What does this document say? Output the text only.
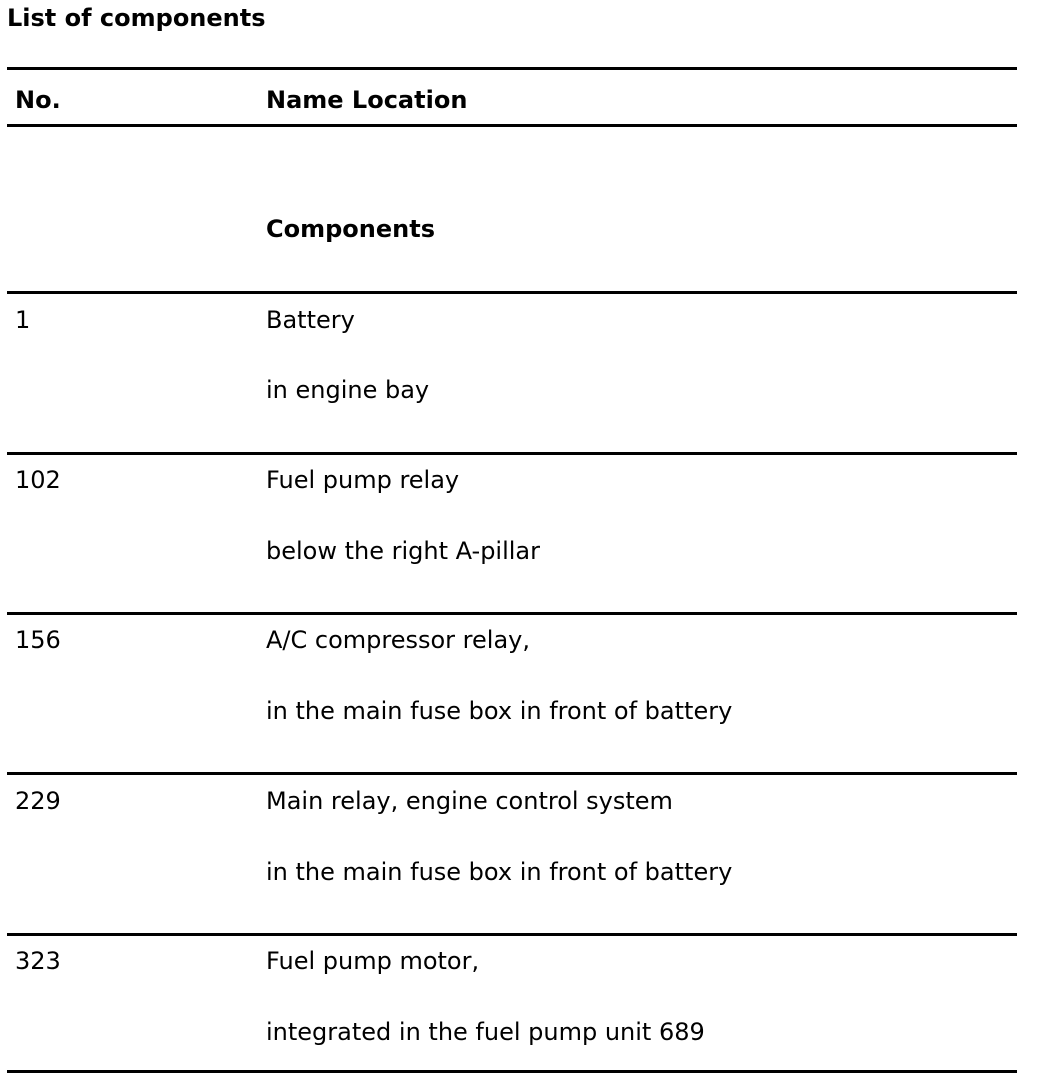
List of components
No.	Name Location
Components
1	Battery
in engine bay
102	Fuel pump relay
below the right A-pillar
156	A/C compressor relay,
in the main fuse box in front of battery
229	Main relay, engine control system
in the main fuse box in front of battery
323	Fuel pump motor,
integrated in the fuel pump unit 689
